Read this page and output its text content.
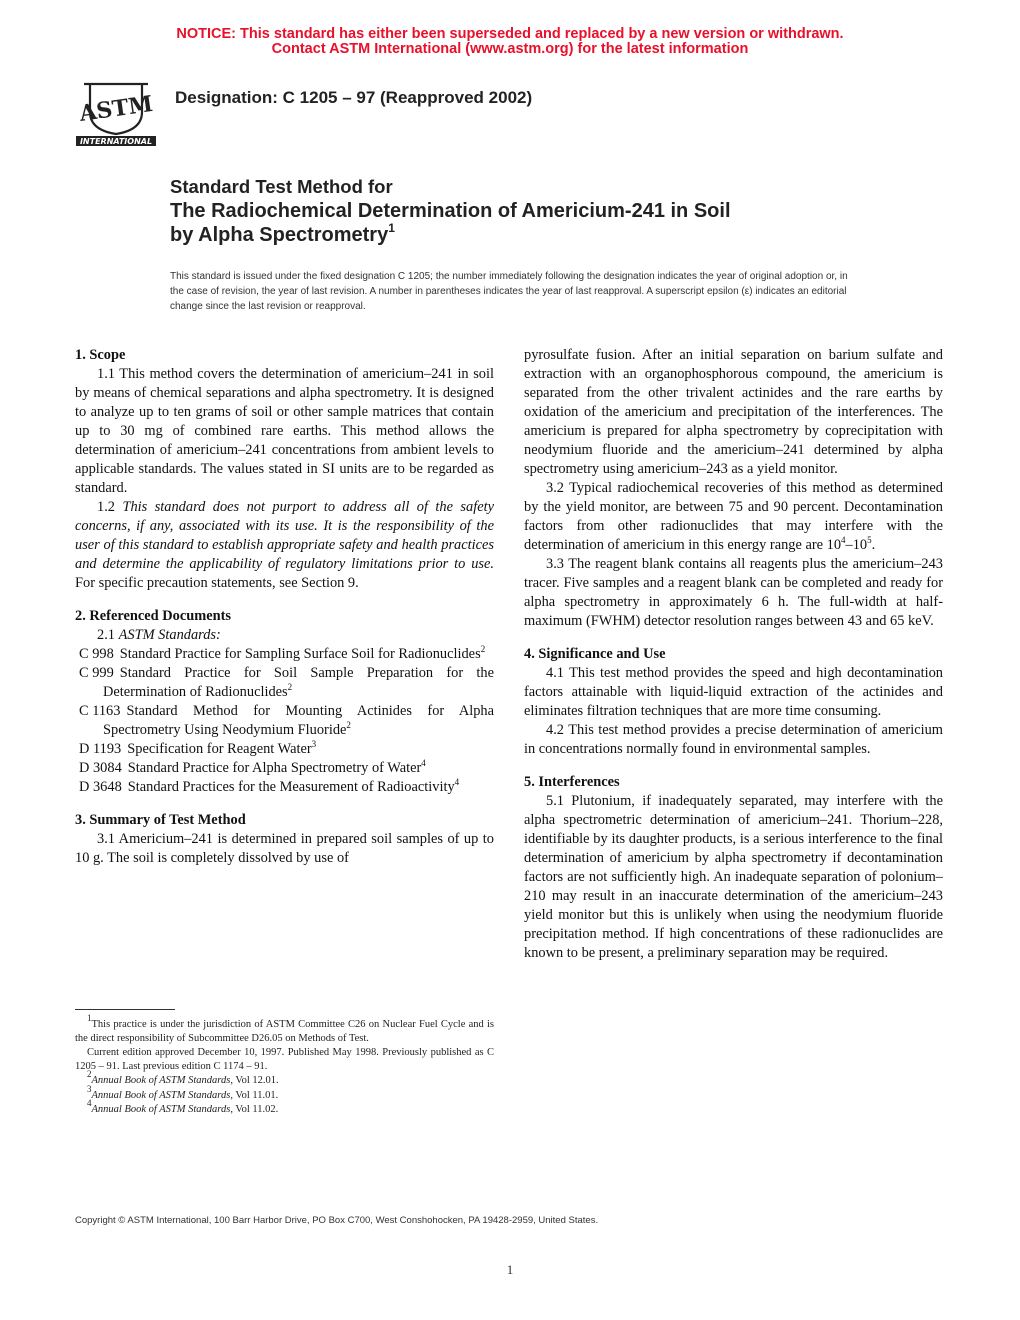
NOTICE: This standard has either been superseded and replaced by a new version or withdrawn.
Contact ASTM International (www.astm.org) for the latest information
ASTM
INTERNATIONAL
Designation: C 1205 – 97 (Reapproved 2002)
Standard Test Method for
The Radiochemical Determination of Americium-241 in Soil
by Alpha Spectrometry$^1$
This standard is issued under the fixed designation C 1205; the number immediately following the designation indicates the year of original adoption or, in the case of revision, the year of last revision. A number in parentheses indicates the year of last reapproval. A superscript epsilon (ε) indicates an editorial change since the last revision or reapproval.

1. Scope

1.1 This method covers the determination of americium–241 in soil by means of chemical separations and alpha spectrometry. It is designed to analyze up to ten grams of soil or other sample matrices that contain up to 30 mg of combined rare earths. This method allows the determination of americium–241 concentrations from ambient levels to applicable standards. The values stated in SI units are to be regarded as standard.

1.2 This standard does not purport to address all of the safety concerns, if any, associated with its use. It is the responsibility of the user of this standard to establish appropriate safety and health practices and determine the applicability of regulatory limitations prior to use. For specific precaution statements, see Section 9.

2. Referenced Documents

2.1 ASTM Standards:

C 998 Standard Practice for Sampling Surface Soil for Radionuclides$^2$

C 999 Standard Practice for Soil Sample Preparation for the Determination of Radionuclides$^2$

C 1163 Standard Method for Mounting Actinides for Alpha Spectrometry Using Neodymium Fluoride$^2$

D 1193 Specification for Reagent Water$^3$

D 3084 Standard Practice for Alpha Spectrometry of Water$^4$

D 3648 Standard Practices for the Measurement of Radioactivity$^4$

3. Summary of Test Method

3.1 Americium–241 is determined in prepared soil samples of up to 10 g. The soil is completely dissolved by use of

$^1$This practice is under the jurisdiction of ASTM Committee C26 on Nuclear Fuel Cycle and is the direct responsibility of Subcommittee D26.05 on Methods of Test.

Current edition approved December 10, 1997. Published May 1998. Previously published as C 1205 – 91. Last previous edition C 1174 – 91.

$^2$Annual Book of ASTM Standards, Vol 12.01.

$^3$Annual Book of ASTM Standards, Vol 11.01.

$^4$Annual Book of ASTM Standards, Vol 11.02.

pyrosulfate fusion. After an initial separation on barium sulfate and extraction with an organophosphorous compound, the americium is separated from the other trivalent actinides and the rare earths by oxidation of the americium and precipitation of the interferences. The americium is prepared for alpha spectrometry by coprecipitation with neodymium fluoride and the americium–241 determined by alpha spectrometry using americium–243 as a yield monitor.

3.2 Typical radiochemical recoveries of this method as determined by the yield monitor, are between 75 and 90 percent. Decontamination factors from other radionuclides that may interfere with the determination of americium in this energy range are $10^4-10^5$.

3.3 The reagent blank contains all reagents plus the americium–243 tracer. Five samples and a reagent blank can be completed and ready for alpha spectrometry in approximately 6 h. The full-width at half-maximum (FWHM) detector resolution ranges between 43 and 65 keV.

4. Significance and Use

4.1 This test method provides the speed and high decontamination factors attainable with liquid-liquid extraction of the actinides and eliminates filtration techniques that are more time consuming.

4.2 This test method provides a precise determination of americium in concentrations normally found in environmental samples.

5. Interferences

5.1 Plutonium, if inadequately separated, may interfere with the alpha spectrometric determination of americium–241. Thorium–228, identifiable by its daughter products, is a serious interference to the final determination of americium by alpha spectrometry if decontamination factors are not sufficiently high. An inadequate separation of polonium–210 may result in an inaccurate determination of the americium–243 yield monitor but this is unlikely when using the neodymium fluoride precipitation method. If high concentrations of these radionuclides are known to be present, a preliminary separation may be required.

Copyright © ASTM International, 100 Barr Harbor Drive, PO Box C700, West Conshohocken, PA 19428-2959, United States.
1
